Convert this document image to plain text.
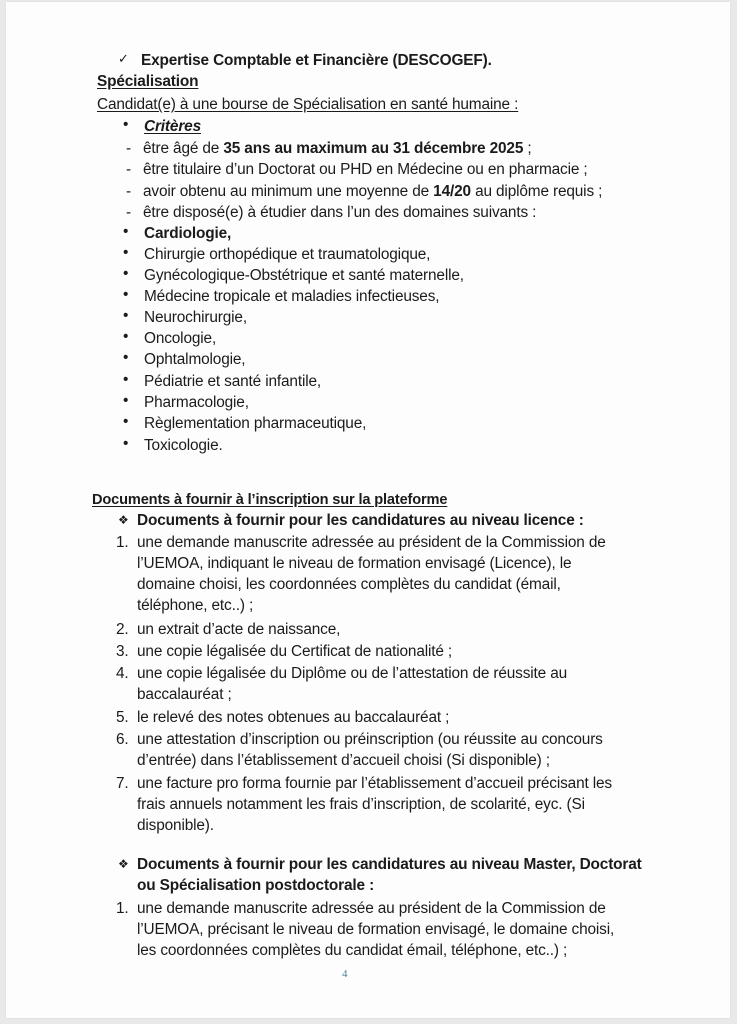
✓ Expertise Comptable et Financière (DESCOGEF).
Spécialisation
Candidat(e) à une bourse de Spécialisation en santé humaine :
• Critères
- être âgé de 35 ans au maximum au 31 décembre 2025 ;
- être titulaire d’un Doctorat ou PHD en Médecine ou en pharmacie ;
- avoir obtenu au minimum une moyenne de 14/20 au diplôme requis ;
- être disposé(e) à étudier dans l’un des domaines suivants :
• Cardiologie,
• Chirurgie orthopédique et traumatologique,
• Gynécologique-Obstétrique et santé maternelle,
• Médecine tropicale et maladies infectieuses,
• Neurochirurgie,
• Oncologie,
• Ophtalmologie,
• Pédiatrie et santé infantile,
• Pharmacologie,
• Règlementation pharmaceutique,
• Toxicologie.
Documents à fournir à l’inscription sur la plateforme
❖ Documents à fournir pour les candidatures au niveau licence :
1. une demande manuscrite adressée au président de la Commission de
l’UEMOA, indiquant le niveau de formation envisagé (Licence), le
domaine choisi, les coordonnées complètes du candidat (émail,
téléphone, etc..) ;
2. un extrait d’acte de naissance,
3. une copie légalisée du Certificat de nationalité ;
4. une copie légalisée du Diplôme ou de l’attestation de réussite au
baccalauréat ;
5. le relevé des notes obtenues au baccalauréat ;
6. une attestation d’inscription ou préinscription (ou réussite au concours
d’entrée) dans l’établissement d’accueil choisi (Si disponible) ;
7. une facture pro forma fournie par l’établissement d’accueil précisant les
frais annuels notamment les frais d’inscription, de scolarité, eyc. (Si
disponible).
❖ Documents à fournir pour les candidatures au niveau Master, Doctorat
ou Spécialisation postdoctorale :
1. une demande manuscrite adressée au président de la Commission de
l’UEMOA, précisant le niveau de formation envisagé, le domaine choisi,
les coordonnées complètes du candidat émail, téléphone, etc..) ;
4
